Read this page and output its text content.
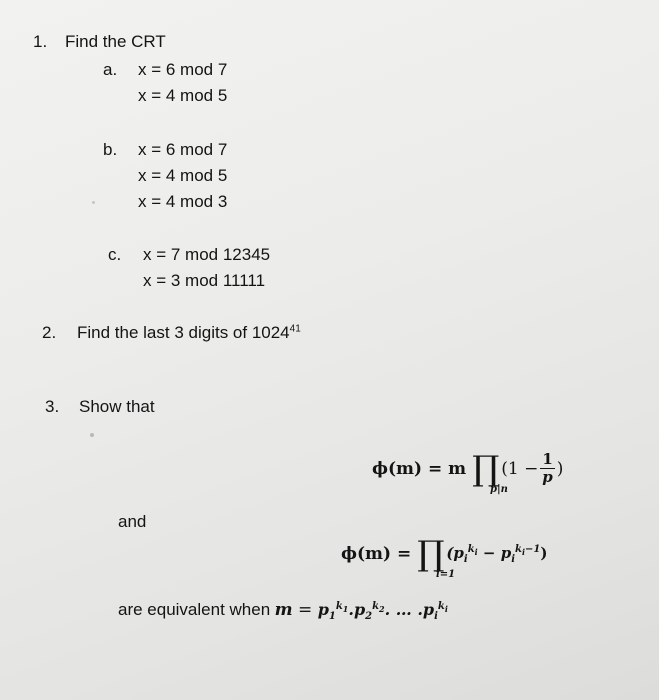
1. Find the CRT
a. x = 6 mod 7
x = 4 mod 5
b. x = 6 mod 7
x = 4 mod 5
x = 4 mod 3
c. x = 7 mod 12345
x = 3 mod 11111
2. Find the last 3 digits of 1024$^{41}$
3. Show that
ϕ(m) = m ∏ ($1 - \frac{1}{p}$ )
p|n
and
ϕ(m) = ∏ $(p_i^{k_i} - p_i^{k_i-1})$
i=1
are equivalent when
$m = p_1^{k_1}.p_2^{k_2}$. … $.p_i^{k_i}$
